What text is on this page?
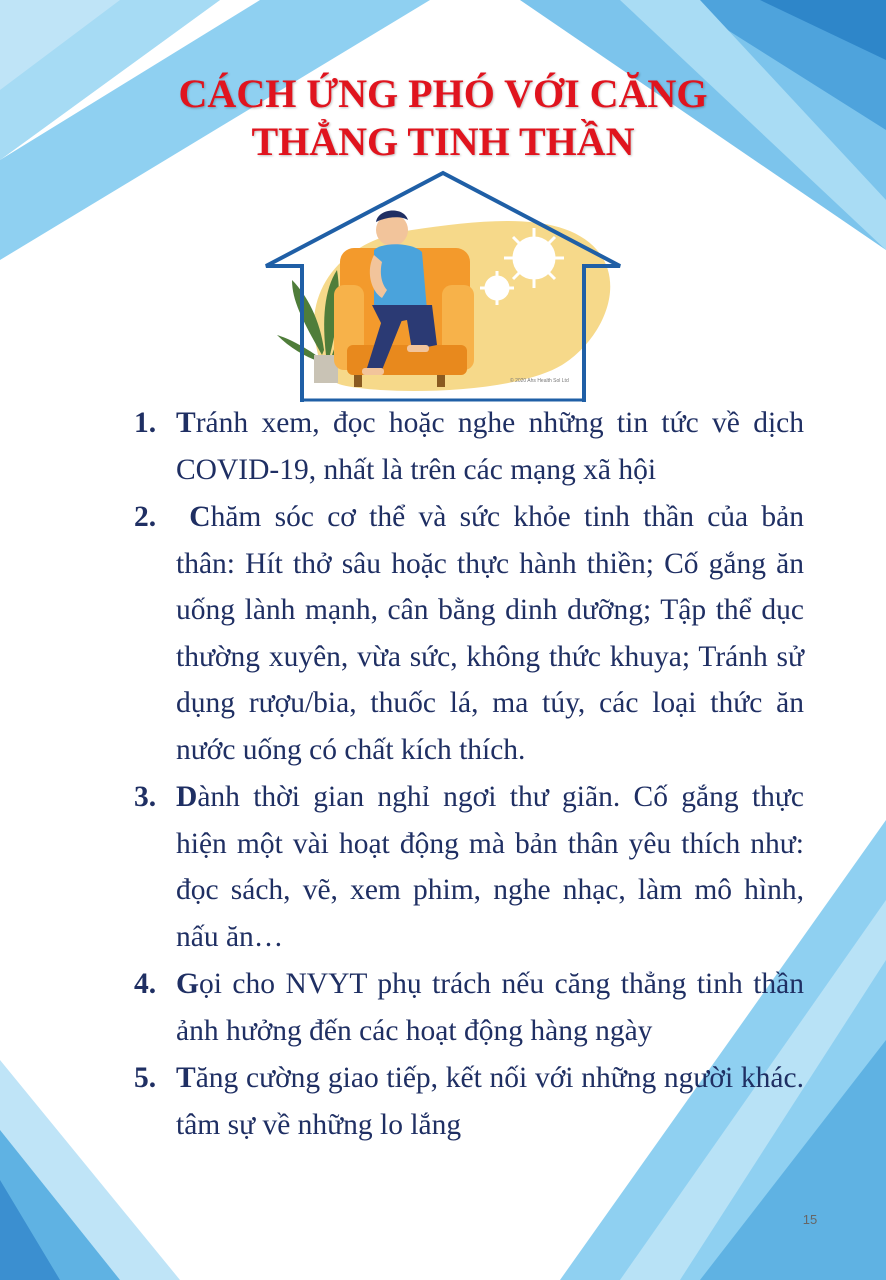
CÁCH ỨNG PHÓ VỚI CĂNG
THẲNG TINH THẦN
© 2020 Ahs Health Sol Ltd
1. Tránh xem, đọc hoặc nghe những tin tức về dịch COVID-19, nhất là trên các mạng xã hội
2. Chăm sóc cơ thể và sức khỏe tinh thần của bản thân: Hít thở sâu hoặc thực hành thiền; Cố gắng ăn uống lành mạnh, cân bằng dinh dưỡng; Tập thể dục thường xuyên, vừa sức, không thức khuya; Tránh sử dụng rượu/bia, thuốc lá, ma túy, các loại thức ăn nước uống có chất kích thích.
3. Dành thời gian nghỉ ngơi thư giãn. Cố gắng thực hiện một vài hoạt động mà bản thân yêu thích như: đọc sách, vẽ, xem phim, nghe nhạc, làm mô hình, nấu ăn…
4. Gọi cho NVYT phụ trách nếu căng thẳng tinh thần ảnh hưởng đến các hoạt động hàng ngày
5. Tăng cường giao tiếp, kết nối với những người khác. tâm sự về những lo lắng
15
